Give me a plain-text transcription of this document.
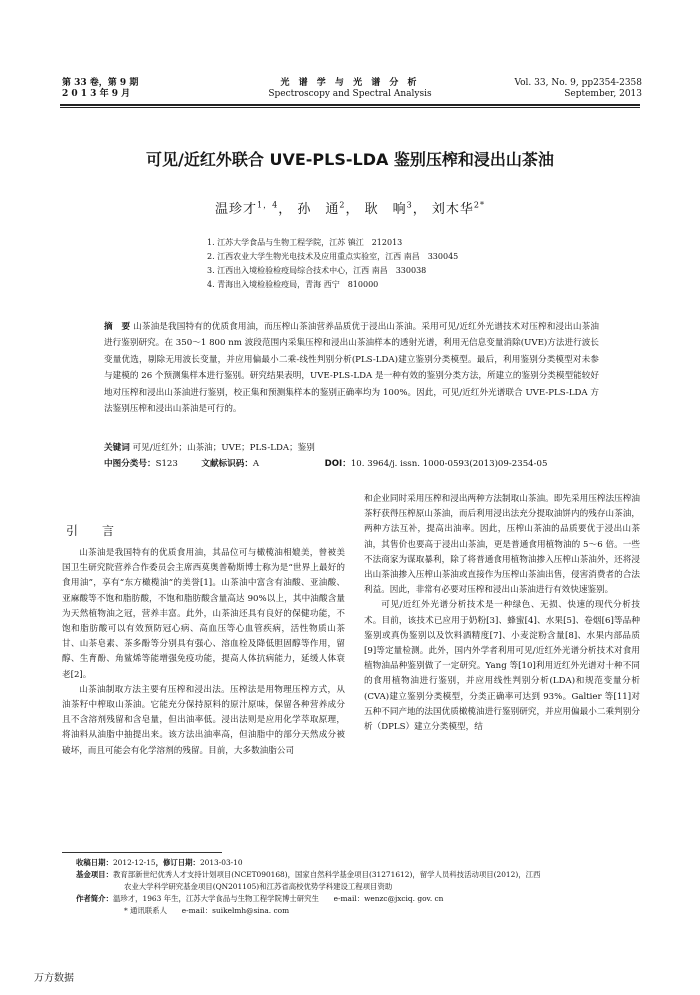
第 33 卷，第 9 期
2 0 1 3 年 9 月
光 谱 学 与 光 谱 分 析
Spectroscopy and Spectral Analysis
Vol. 33, No. 9, pp2354-2358
September, 2013
可见/近红外联合 UVE-PLS-LDA 鉴别压榨和浸出山茶油
温珍才$^{1,4}$， 孙　通$^2$， 耿　响$^3$， 刘木华$^{2*}$
1. 江苏大学食品与生物工程学院，江苏 镇江　212013
2. 江西农业大学生物光电技术及应用重点实验室，江西 南昌　330045
3. 江西出入境检验检疫局综合技术中心，江西 南昌　330038
4. 青海出入境检验检疫局，青海 西宁　810000
摘　要 山茶油是我国特有的优质食用油，而压榨山茶油营养品质优于浸出山茶油。采用可见/近红外光谱技术对压榨和浸出山茶油进行鉴别研究。在 350～1 800 nm 波段范围内采集压榨和浸出山茶油样本的透射光谱，利用无信息变量消除(UVE)方法进行波长变量优选，剔除无用波长变量，并应用偏最小二乘-线性判别分析(PLS-LDA)建立鉴别分类模型。最后，利用鉴别分类模型对未参与建模的 26 个预测集样本进行鉴别。研究结果表明，UVE-PLS-LDA 是一种有效的鉴别分类方法，所建立的鉴别分类模型能较好地对压榨和浸出山茶油进行鉴别，校正集和预测集样本的鉴别正确率均为 100%。因此，可见/近红外光谱联合 UVE-PLS-LDA 方法鉴别压榨和浸出山茶油是可行的。
关键词 可见/近红外；山茶油；UVE；PLS-LDA；鉴别
中图分类号：S123	文献标识码：A	DOI：10. 3964/j. issn. 1000-0593(2013)09-2354-05
引　言

山茶油是我国特有的优质食用油，其品位可与橄榄油相媲美，曾被美国卫生研究院营养合作委员会主席西莫奥普勒斯博士称为是“世界上最好的食用油”，享有“东方橄榄油”的美誉[1]。山茶油中富含有油酸、亚油酸、亚麻酸等不饱和脂肪酸，不饱和脂肪酸含量高达 90%以上，其中油酸含量为天然植物油之冠，营养丰富。此外，山茶油还具有良好的保健功能，不饱和脂肪酸可以有效预防冠心病、高血压等心血管疾病，活性物质山茶甘、山茶皂素、茶多酚等分别具有强心、溶血栓及降低胆固醇等作用，留醇、生育酚、角鲨烯等能增强免疫功能，提高人体抗病能力，延缓人体衰老[2]。

山茶油制取方法主要有压榨和浸出法。压榨法是用物理压榨方式，从油茶籽中榨取山茶油。它能充分保持原料的原汁原味，保留各种营养成分且不含溶剂残留和含皂量，但出油率低。浸出法则是应用化学萃取原理，将油料从油脂中抽提出来。该方法出油率高，但油脂中的部分天然成分被破坏，而且可能会有化学溶剂的残留。目前，大多数油脂公司

和企业同时采用压榨和浸出两种方法制取山茶油。即先采用压榨法压榨油茶籽获得压榨原山茶油，而后利用浸出法充分提取油饼内的残存山茶油，两种方法互补，提高出油率。因此，压榨山茶油的品质要优于浸出山茶油，其售价也要高于浸出山茶油，更是普通食用植物油的 5～6 倍。一些不法商家为谋取暴利，除了将普通食用植物油掺入压榨山茶油外，还将浸出山茶油掺入压榨山茶油或直接作为压榨山茶油出售，侵害消费者的合法利益。因此，非常有必要对压榨和浸出山茶油进行有效快速鉴别。

可见/近红外光谱分析技术是一种绿色、无损、快速的现代分析技术。目前，该技术已应用于奶粉[3]、蜂蜜[4]、水果[5]、卷烟[6]等品种鉴别或真伪鉴别以及饮料酒精度[7]、小麦淀粉含量[8]、水果内部品质[9]等定量检测。此外，国内外学者利用可见/近红外光谱分析技术对食用植物油品种鉴别做了一定研究。Yang 等[10]利用近红外光谱对十种不同的食用植物油进行鉴别，并应用线性判别分析(LDA)和规范变量分析(CVA)建立鉴别分类模型，分类正确率可达到 93%。Galtier 等[11]对五种不同产地的法国优质橄榄油进行鉴别研究，并应用偏最小二乘判别分析（DPLS）建立分类模型，结

收稿日期：2012-12-15，修订日期：2013-03-10
基金项目：教育部新世纪优秀人才支持计划项目(NCET090168)，国家自然科学基金项目(31271612)，留学人员科技活动项目(2012)，江西
农业大学科学研究基金项目(QN201105)和江苏省高校优势学科建设工程项目资助
作者简介：温珍才，1963 年生，江苏大学食品与生物工程学院博士研究生　　e-mail：wenzc@jxciq. gov. cn
* 通讯联系人　　e-mail：suikelmh@sina. com
万方数据
